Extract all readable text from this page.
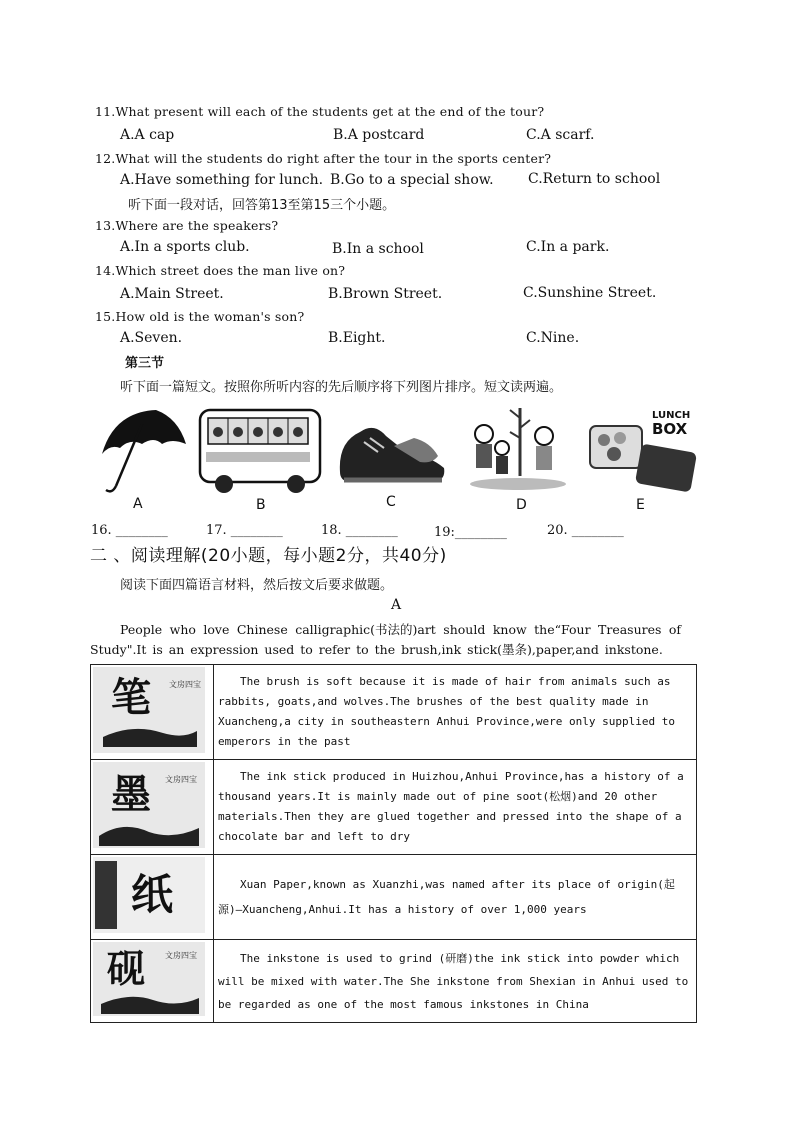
11.What present will each of the students get at the end of the tour?
A.A cap	B.A postcard	C.A scarf.
12.What will the students do right after the tour in the sports center?
A.Have something for lunch. B.Go to a special show. C.Return to school
听下面一段对话，回答第13至第15三个小题。
13.Where are the speakers?
A.In a sports club.	B.In a school	C.In a park.
14.Which street does the man live on?
A.Main Street.	B.Brown Street.	C.Sunshine Street.
15.How old is the woman's son?
A.Seven.	B.Eight.	C.Nine.
第三节
听下面一篇短文。按照你所听内容的先后顺序将下列图片排序。短文读两遍。
A	B	C	D
LUNCH
BOX
E
16. ________	17. ________	18. ________	19:________	20. ________
二 、阅读理解(20小题，每小题2分，共40分)
阅读下面四篇语言材料，然后按文后要求做题。
A
People who love Chinese calligraphic(书法的)art should know the“Four Treasures of
Study".It is an expression used to refer to the brush,ink stick(墨条),paper,and inkstone.
笔 文房四宝	The brush is soft because it is made of hair from animals such as rabbits, goats,and wolves.The brushes of the best quality made in Xuancheng,a city in southeastern Anhui Province,were only supplied to emperors in the past

墨 文房四宝	The ink stick produced in Huizhou,Anhui Province,has a history of a thousand years.It is mainly made out of pine soot(松烟)and 20 other materials.Then they are glued together and pressed into the shape of a chocolate bar and left to dry

纸	Xuan Paper,known as Xuanzhi,was named after its place of origin(起源)—Xuancheng,Anhui.It has a history of over 1,000 years

砚 文房四宝	The inkstone is used to grind (研磨)the ink stick into powder which will be mixed with water.The She inkstone from Shexian in Anhui used to be regarded as one of the most famous inkstones in China
